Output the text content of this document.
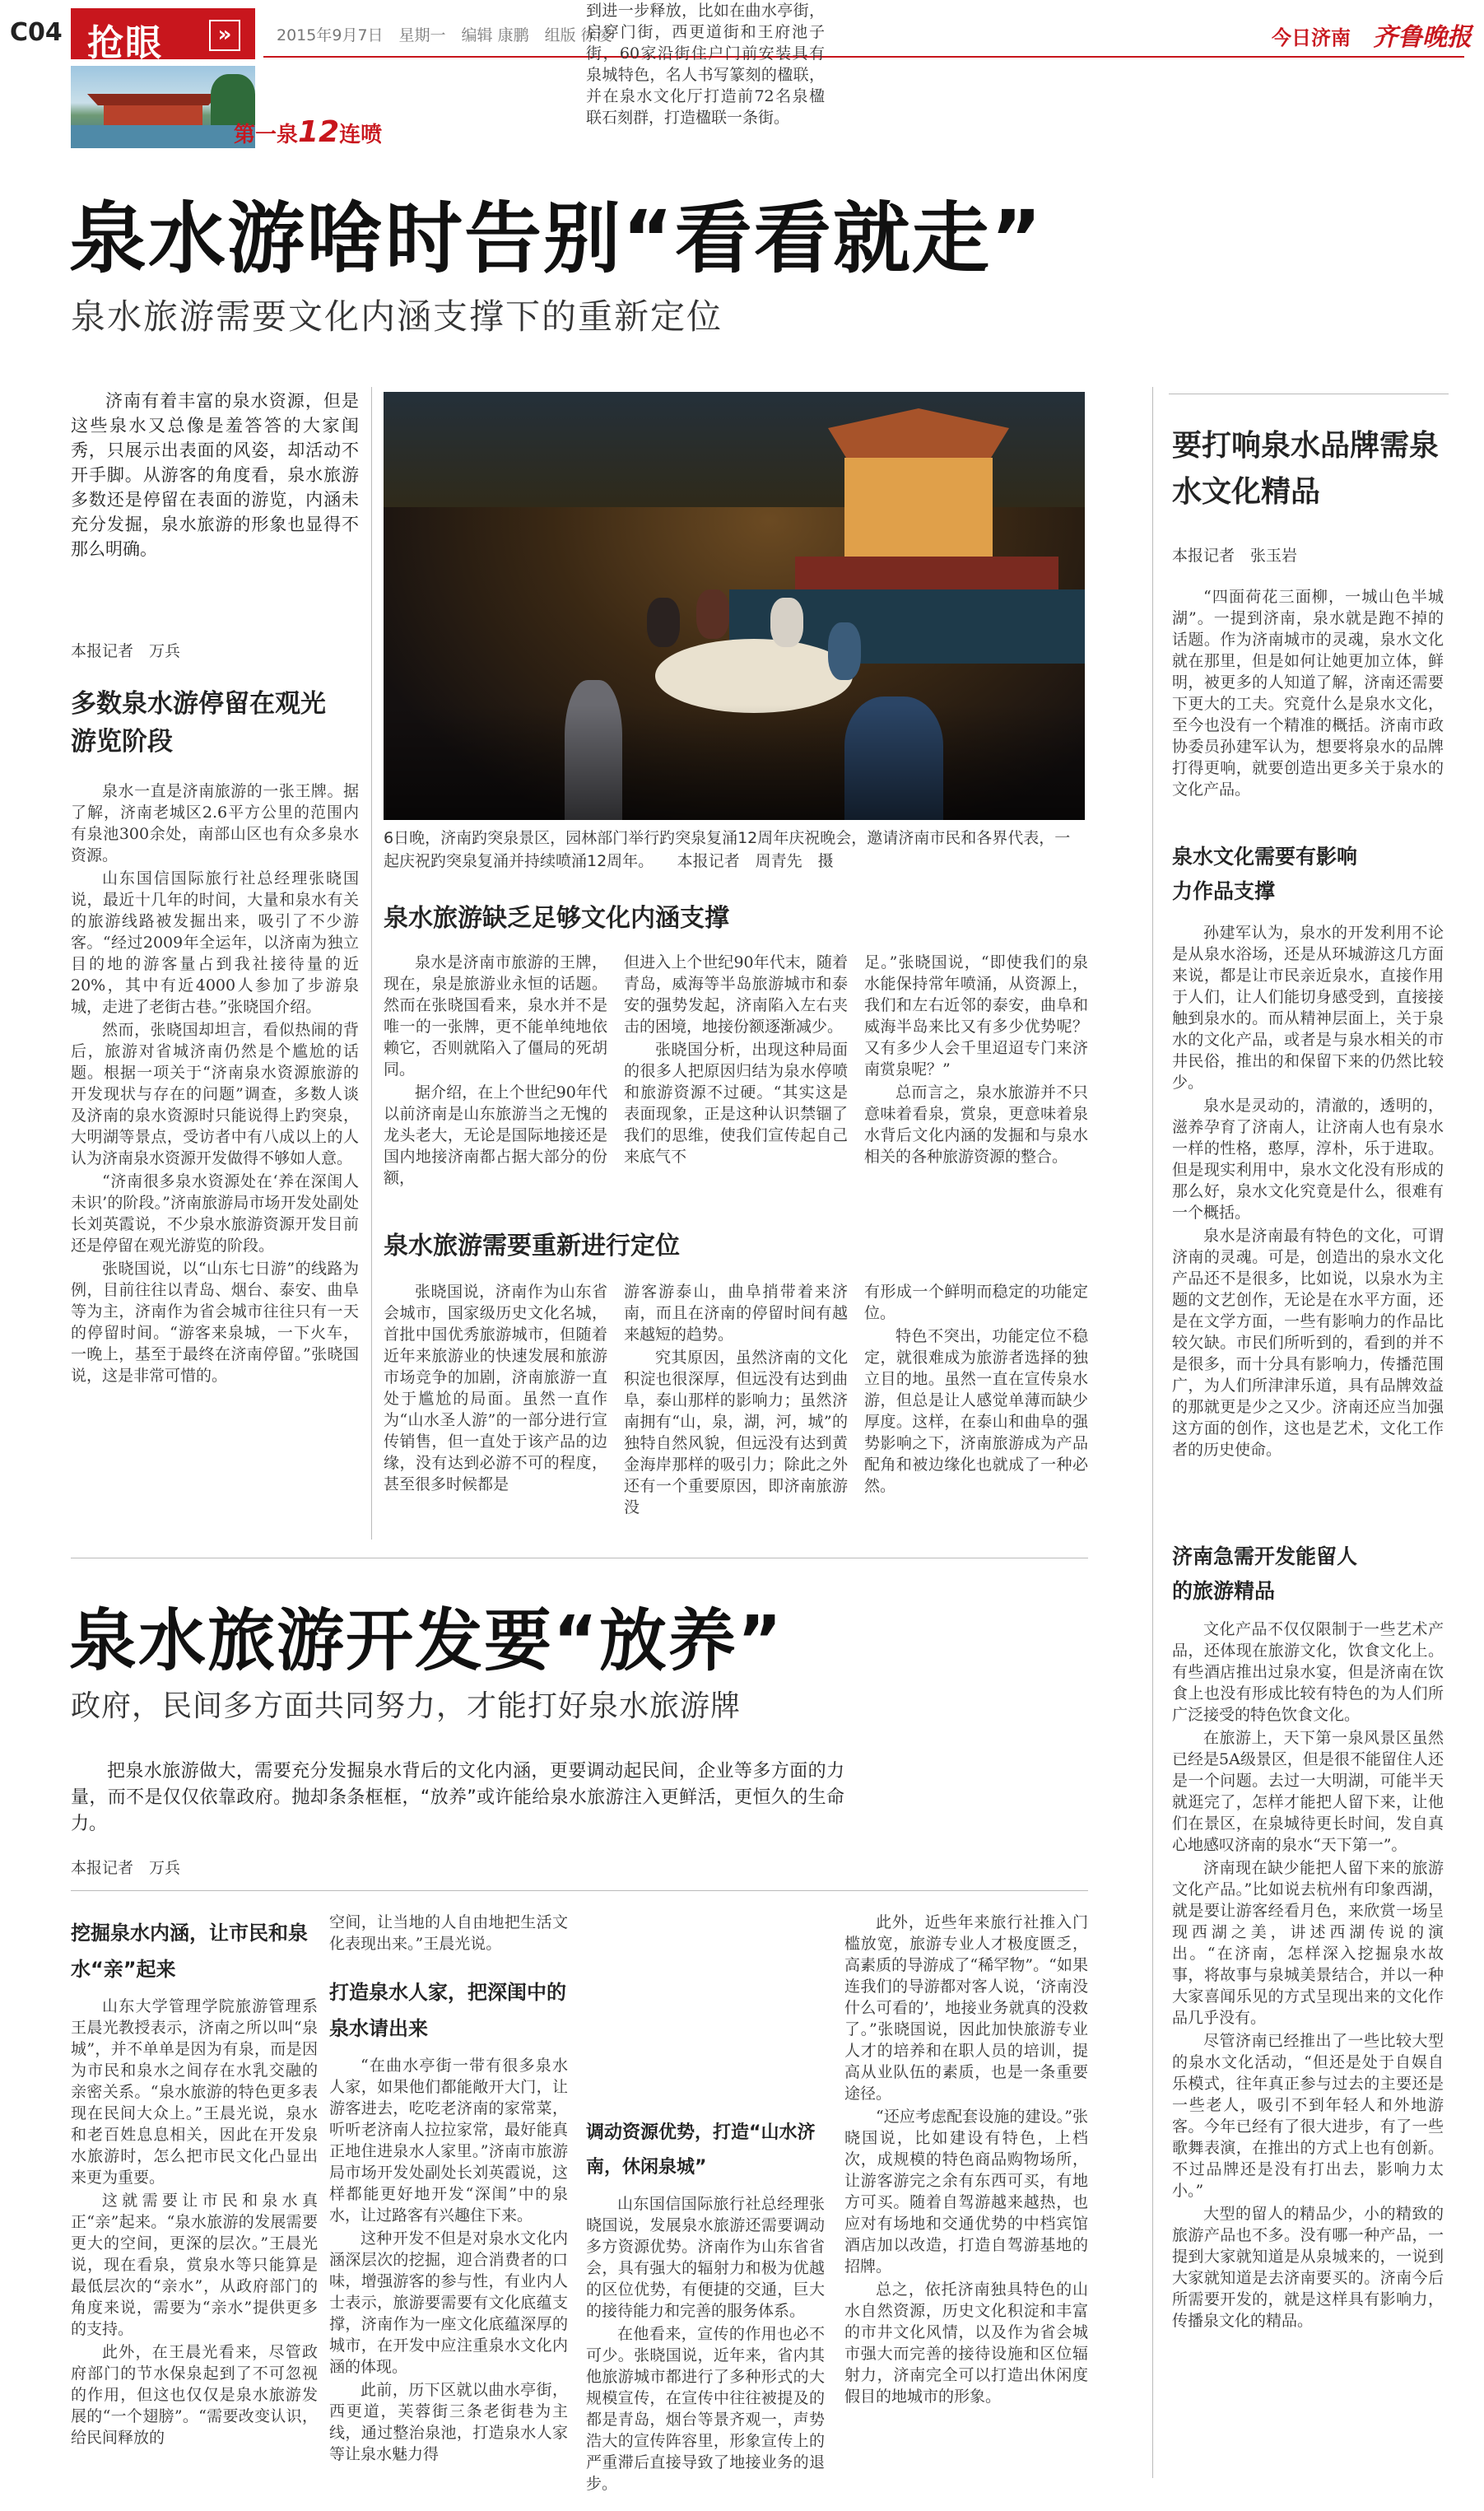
C04 抢眼	»	2015年9月7日　星期一　编辑 康鹏　组版 徐凌	今日济南 齐鲁晚报
第一泉12连喷
泉水游啥时告别“看看就走”
泉水旅游需要文化内涵支撑下的重新定位

济南有着丰富的泉水资源，但是这些泉水又总像是羞答答的大家闺秀，只展示出表面的风姿，却活动不开手脚。从游客的角度看，泉水旅游多数还是停留在表面的游览，内涵未充分发掘，泉水旅游的形象也显得不那么明确。

本报记者　万兵
多数泉水游停留在观光游览阶段

泉水一直是济南旅游的一张王牌。据了解，济南老城区2.6平方公里的范围内有泉池300余处，南部山区也有众多泉水资源。

山东国信国际旅行社总经理张晓国说，最近十几年的时间，大量和泉水有关的旅游线路被发掘出来，吸引了不少游客。“经过2009年全运年，以济南为独立目的地的游客量占到我社接待量的近20%，其中有近4000人参加了步游泉城，走进了老街古巷。”张晓国介绍。

然而，张晓国却坦言，看似热闹的背后，旅游对省城济南仍然是个尴尬的话题。根据一项关于“济南泉水资源旅游的开发现状与存在的问题”调查，多数人谈及济南的泉水资源时只能说得上趵突泉，大明湖等景点，受访者中有八成以上的人认为济南泉水资源开发做得不够如人意。

“济南很多泉水资源处在‘养在深闺人未识’的阶段。”济南旅游局市场开发处副处长刘英霞说，不少泉水旅游资源开发目前还是停留在观光游览的阶段。

张晓国说，以“山东七日游”的线路为例，目前往往以青岛、烟台、泰安、曲阜等为主，济南作为省会城市往往只有一天的停留时间。“游客来泉城，一下火车，一晚上，基至于最终在济南停留。”张晓国说，这是非常可惜的。

6日晚，济南趵突泉景区，园林部门举行趵突泉复涌12周年庆祝晚会，邀请济南市民和各界代表，一起庆祝趵突泉复涌并持续喷涌12周年。　　本报记者　周青先　摄
泉水旅游缺乏足够文化内涵支撑

泉水是济南市旅游的王牌，现在，泉是旅游业永恒的话题。然而在张晓国看来，泉水并不是唯一的一张牌，更不能单纯地依赖它，否则就陷入了僵局的死胡同。

据介绍，在上个世纪90年代以前济南是山东旅游当之无愧的龙头老大，无论是国际地接还是国内地接济南都占据大部分的份额，

但进入上个世纪90年代末，随着青岛，威海等半岛旅游城市和泰安的强势发起，济南陷入左右夹击的困境，地接份额逐渐减少。

张晓国分析，出现这种局面的很多人把原因归结为泉水停喷和旅游资源不过硬。“其实这是表面现象，正是这种认识禁锢了我们的思维，使我们宣传起自己来底气不

足。”张晓国说，“即使我们的泉水能保持常年喷涌，从资源上，我们和左右近邻的泰安，曲阜和威海半岛来比又有多少优势呢？又有多少人会千里迢迢专门来济南赏泉呢？”

总而言之，泉水旅游并不只意味着看泉，赏泉，更意味着泉水背后文化内涵的发掘和与泉水相关的各种旅游资源的整合。

泉水旅游需要重新进行定位

张晓国说，济南作为山东省会城市，国家级历史文化名城，首批中国优秀旅游城市，但随着近年来旅游业的快速发展和旅游市场竞争的加剧，济南旅游一直处于尴尬的局面。虽然一直作为“山水圣人游”的一部分进行宣传销售，但一直处于该产品的边缘，没有达到必游不可的程度，甚至很多时候都是

游客游泰山，曲阜捎带着来济南，而且在济南的停留时间有越来越短的趋势。

究其原因，虽然济南的文化积淀也很深厚，但远没有达到曲阜，泰山那样的影响力；虽然济南拥有“山，泉，湖，河，城”的独特自然风貌，但远没有达到黄金海岸那样的吸引力；除此之外还有一个重要原因，即济南旅游没

有形成一个鲜明而稳定的功能定位。

特色不突出，功能定位不稳定，就很难成为旅游者选择的独立目的地。虽然一直在宣传泉水游，但总是让人感觉单薄而缺少厚度。这样，在泰山和曲阜的强势影响之下，济南旅游成为产品配角和被边缘化也就成了一种必然。

要打响泉水品牌需泉水文化精品
本报记者　张玉岩

“四面荷花三面柳，一城山色半城湖”。一提到济南，泉水就是跑不掉的话题。作为济南城市的灵魂，泉水文化就在那里，但是如何让她更加立体，鲜明，被更多的人知道了解，济南还需要下更大的工夫。究竟什么是泉水文化，至今也没有一个精准的概括。济南市政协委员孙建军认为，想要将泉水的品牌打得更响，就要创造出更多关于泉水的文化产品。

泉水文化需要有影响力作品支撑

孙建军认为，泉水的开发利用不论是从泉水浴场，还是从环城游这几方面来说，都是让市民亲近泉水，直接作用于人们，让人们能切身感受到，直接接触到泉水的。而从精神层面上，关于泉水的文化产品，或者是与泉水相关的市井民俗，推出的和保留下来的仍然比较少。

泉水是灵动的，清澈的，透明的，滋养孕育了济南人，让济南人也有泉水一样的性格，憨厚，淳朴，乐于进取。但是现实利用中，泉水文化没有形成的那么好，泉水文化究竟是什么，很难有一个概括。

泉水是济南最有特色的文化，可谓济南的灵魂。可是，创造出的泉水文化产品还不是很多，比如说，以泉水为主题的文艺创作，无论是在水平方面，还是在文学方面，一些有影响力的作品比较欠缺。市民们所听到的，看到的并不是很多，而十分具有影响力，传播范围广，为人们所津津乐道，具有品牌效益的那就更是少之又少。济南还应当加强这方面的创作，这也是艺术，文化工作者的历史使命。

济南急需开发能留人的旅游精品

文化产品不仅仅限制于一些艺术产品，还体现在旅游文化，饮食文化上。有些酒店推出过泉水宴，但是济南在饮食上也没有形成比较有特色的为人们所广泛接受的特色饮食文化。

在旅游上，天下第一泉风景区虽然已经是5A级景区，但是很不能留住人还是一个问题。去过一大明湖，可能半天就逛完了，怎样才能把人留下来，让他们在景区，在泉城待更长时间，发自真心地感叹济南的泉水“天下第一”。

济南现在缺少能把人留下来的旅游文化产品。”比如说去杭州有印象西湖，就是要让游客经看月色，来欣赏一场呈现西湖之美，讲述西湖传说的演出。“在济南，怎样深入挖掘泉水故事，将故事与泉城美景结合，并以一种大家喜闻乐见的方式呈现出来的文化作品几乎没有。

尽管济南已经推出了一些比较大型的泉水文化活动，“但还是处于自娱自乐模式，往年真正参与过去的主要还是一些老人，吸引不到年轻人和外地游客。今年已经有了很大进步，有了一些歌舞表演，在推出的方式上也有创新。不过品牌还是没有打出去，影响力太小。”

大型的留人的精品少，小的精致的旅游产品也不多。没有哪一种产品，一提到大家就知道是从泉城来的，一说到大家就知道是去济南要买的。济南今后所需要开发的，就是这样具有影响力，传播泉文化的精品。

泉水旅游开发要“放养”
政府，民间多方面共同努力，才能打好泉水旅游牌

把泉水旅游做大，需要充分发掘泉水背后的文化内涵，更要调动起民间，企业等多方面的力量，而不是仅仅依靠政府。抛却条条框框，“放养”或许能给泉水旅游注入更鲜活，更恒久的生命力。

本报记者　万兵
挖掘泉水内涵，让市民和泉水“亲”起来

山东大学管理学院旅游管理系王晨光教授表示，济南之所以叫“泉城”，并不单单是因为有泉，而是因为市民和泉水之间存在水乳交融的亲密关系。“泉水旅游的特色更多表现在民间大众上。”王晨光说，泉水和老百姓息息相关，因此在开发泉水旅游时，怎么把市民文化凸显出来更为重要。

这就需要让市民和泉水真正“亲”起来。“泉水旅游的发展需要更大的空间，更深的层次。”王晨光说，现在看泉，赏泉水等只能算是最低层次的“亲水”，从政府部门的角度来说，需要为“亲水”提供更多的支持。

此外，在王晨光看来，尽管政府部门的节水保泉起到了不可忽视的作用，但这也仅仅是泉水旅游发展的“一个翅膀”。“需要改变认识，给民间释放的

空间，让当地的人自由地把生活文化表现出来。”王晨光说。

打造泉水人家，把深闺中的泉水请出来

“在曲水亭街一带有很多泉水人家，如果他们都能敞开大门，让游客进去，吃吃老济南的家常菜，听听老济南人拉拉家常，最好能真正地住进泉水人家里。”济南市旅游局市场开发处副处长刘英霞说，这样都能更好地开发“深闺”中的泉水，让过路客有兴趣住下来。

这种开发不但是对泉水文化内涵深层次的挖掘，迎合消费者的口味，增强游客的参与性，有业内人士表示，旅游要需要有文化底蕴支撑，济南作为一座文化底蕴深厚的城市，在开发中应注重泉水文化内涵的体现。

此前，历下区就以曲水亭街，西更道，芙蓉街三条老街巷为主线，通过整治泉池，打造泉水人家等让泉水魅力得

到进一步释放，比如在曲水亭街，启穿门街，西更道街和王府池子街，60家沿街住户门前安装具有泉城特色，名人书写篆刻的楹联，并在泉水文化厅打造前72名泉楹联石刻群，打造楹联一条街。

调动资源优势，打造“山水济南，休闲泉城”

山东国信国际旅行社总经理张晓国说，发展泉水旅游还需要调动多方资源优势。济南作为山东省省会，具有强大的辐射力和极为优越的区位优势，有便捷的交通，巨大的接待能力和完善的服务体系。

在他看来，宣传的作用也必不可少。张晓国说，近年来，省内其他旅游城市都进行了多种形式的大规模宣传，在宣传中往往被提及的都是青岛，烟台等景齐观一，声势浩大的宣传阵容里，形象宣传上的严重滞后直接导致了地接业务的退步。

此外，近些年来旅行社推入门槛放宽，旅游专业人才极度匮乏，高素质的导游成了“稀罕物”。“如果连我们的导游都对客人说，‘济南没什么可看的’，地接业务就真的没救了。”张晓国说，因此加快旅游专业人才的培养和在职人员的培训，提高从业队伍的素质，也是一条重要途径。

“还应考虑配套设施的建设。”张晓国说，比如建设有特色，上档次，成规模的特色商品购物场所，让游客游完之余有东西可买，有地方可买。随着自驾游越来越热，也应对有场地和交通优势的中档宾馆酒店加以改造，打造自驾游基地的招牌。

总之，依托济南独具特色的山水自然资源，历史文化积淀和丰富的市井文化风情，以及作为省会城市强大而完善的接待设施和区位辐射力，济南完全可以打造出休闲度假目的地城市的形象。
